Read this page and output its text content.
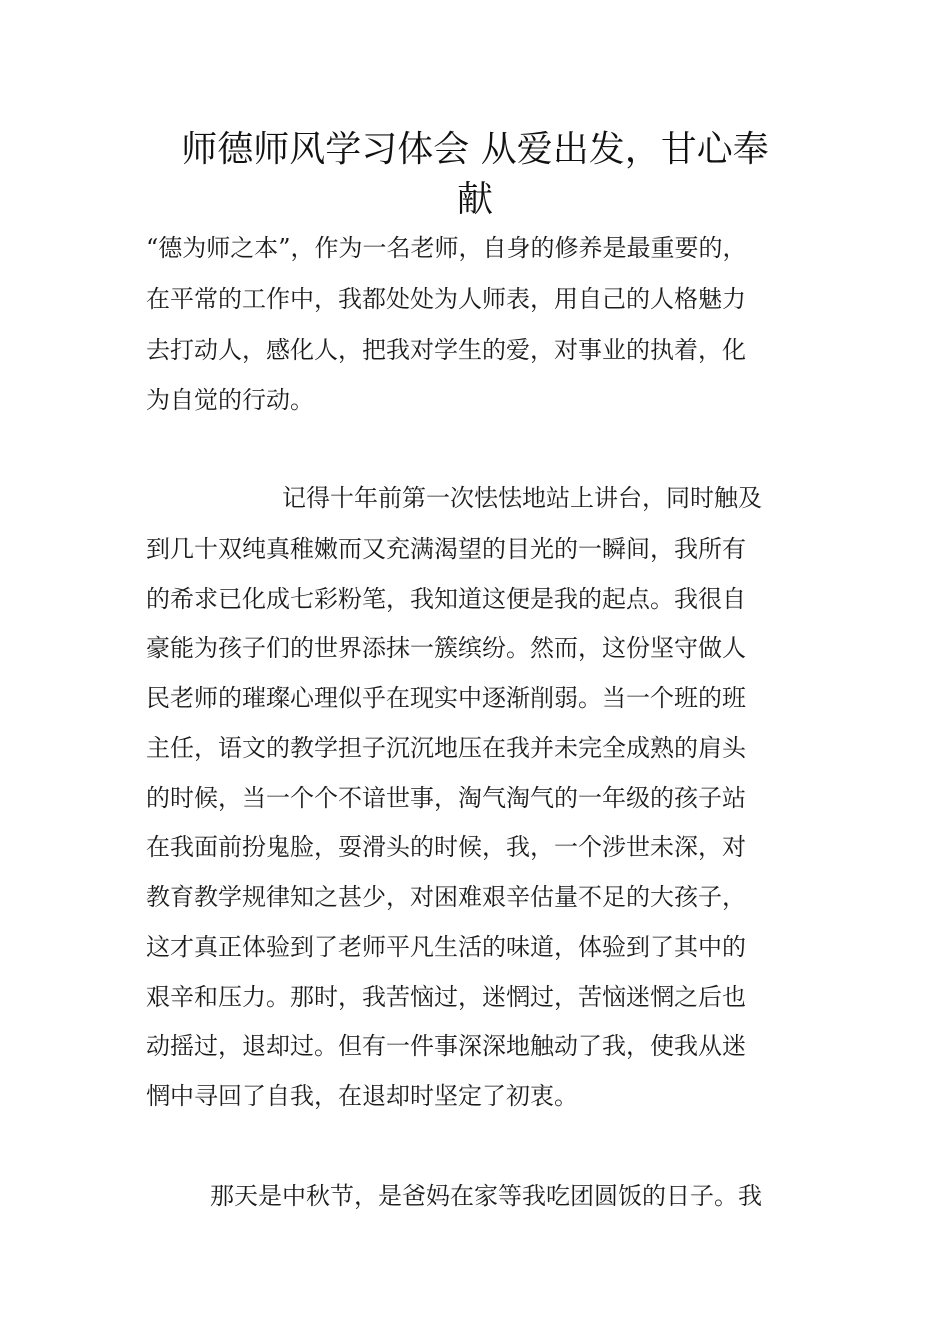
师德师风学习体会 从爱出发，甘心奉
献
“德为师之本”，作为一名老师，自身的修养是最重要的，
在平常的工作中，我都处处为人师表，用自己的人格魅力
去打动人，感化人，把我对学生的爱，对事业的执着，化
为自觉的行动。
记得十年前第一次怯怯地站上讲台，同时触及
到几十双纯真稚嫩而又充满渴望的目光的一瞬间，我所有
的希求已化成七彩粉笔，我知道这便是我的起点。我很自
豪能为孩子们的世界添抹一簇缤纷。然而，这份坚守做人
民老师的璀璨心理似乎在现实中逐渐削弱。当一个班的班
主任，语文的教学担子沉沉地压在我并未完全成熟的肩头
的时候，当一个个不谙世事，淘气淘气的一年级的孩子站
在我面前扮鬼脸，耍滑头的时候，我，一个涉世未深，对
教育教学规律知之甚少，对困难艰辛估量不足的大孩子，
这才真正体验到了老师平凡生活的味道，体验到了其中的
艰辛和压力。那时，我苦恼过，迷惘过，苦恼迷惘之后也
动摇过，退却过。但有一件事深深地触动了我，使我从迷
惘中寻回了自我，在退却时坚定了初衷。
那天是中秋节，是爸妈在家等我吃团圆饭的日子。我
